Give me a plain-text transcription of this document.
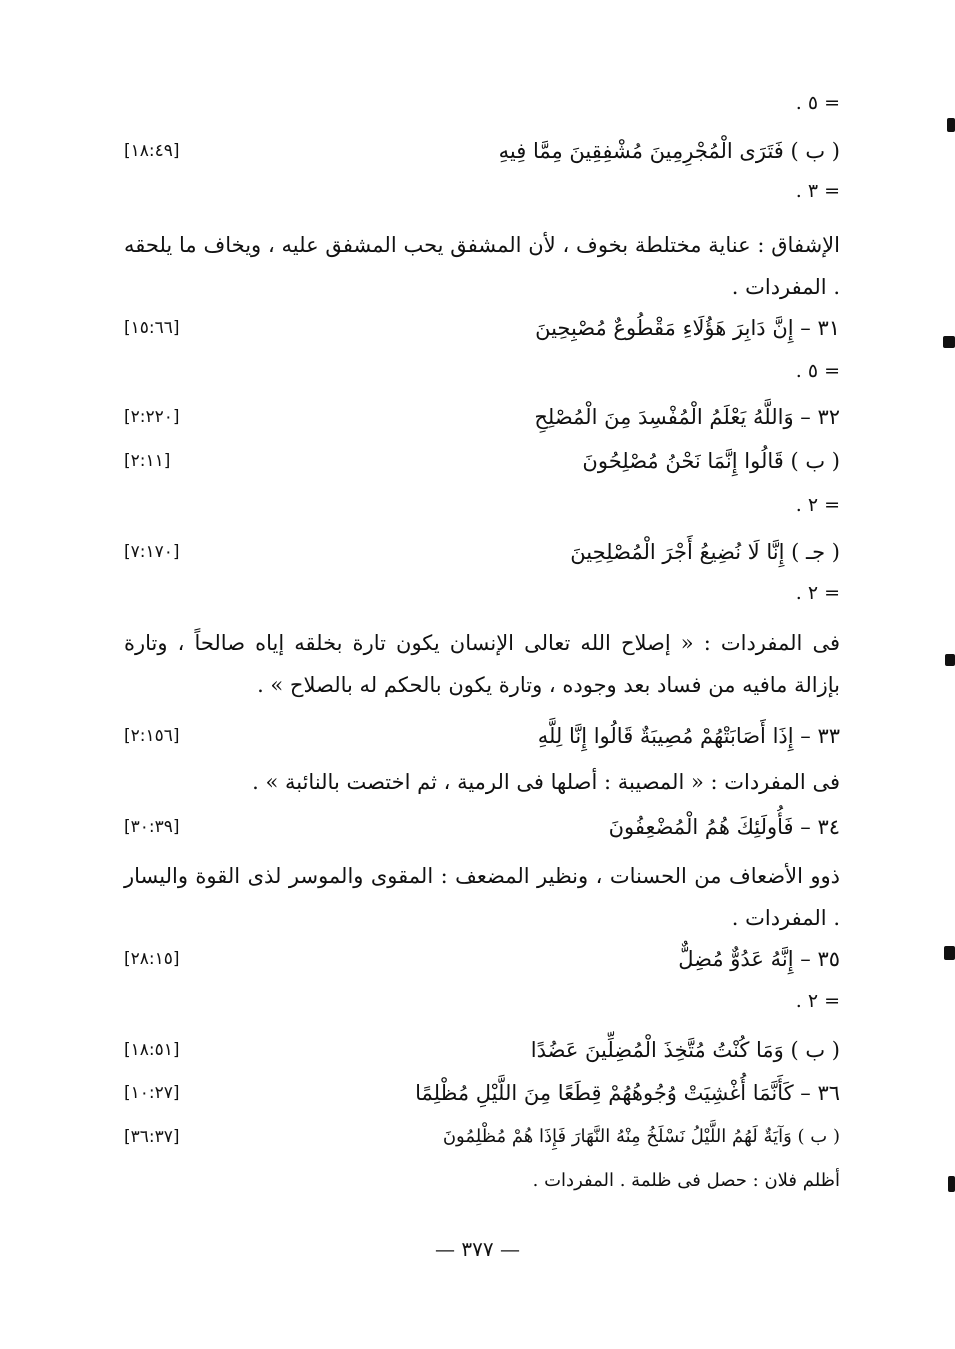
= ٥ .
( ب ) فَتَرَى الْمُجْرِمِينَ مُشْفِقِينَ مِمَّا فِيهِ
[١٨:٤٩]
= ٣ .
الإشفاق : عناية مختلطة بخوف ، لأن المشفق يحب المشفق عليه ، ويخاف ما يلحقه . المفردات .
٣١ – إِنَّ دَابِرَ هَؤُلَاءِ مَقْطُوعٌ مُصْبِحِينَ
[١٥:٦٦]
= ٥ .
٣٢ – وَاللَّهُ يَعْلَمُ الْمُفْسِدَ مِنَ الْمُصْلِحِ
[٢:٢٢٠]
( ب ) قَالُوا إِنَّمَا نَحْنُ مُصْلِحُونَ
[٢:١١]
= ٢ .
( جـ ) إِنَّا لَا نُضِيعُ أَجْرَ الْمُصْلِحِينَ
[٧:١٧٠]
= ٢ .
فى المفردات : « إصلاح الله تعالى الإنسان يكون تارة بخلقه إياه صالحاً ، وتارة بإزالة مافيه من فساد بعد وجوده ، وتارة يكون بالحكم له بالصلاح » .
٣٣ – إِذَا أَصَابَتْهُمْ مُصِيبَةٌ قَالُوا إِنَّا لِلَّهِ
[٢:١٥٦]
فى المفردات : « المصيبة : أصلها فى الرمية ، ثم اختصت بالنائبة » .
٣٤ – فَأُولَئِكَ هُمُ الْمُضْعِفُونَ
[٣٠:٣٩]
ذوو الأضعاف من الحسنات ، ونظير المضعف : المقوى والموسر لذى القوة واليسار . المفردات .
٣٥ – إِنَّهُ عَدُوٌّ مُضِلٌّ
[٢٨:١٥]
= ٢ .
( ب ) وَمَا كُنْتُ مُتَّخِذَ الْمُضِلِّينَ عَضُدًا
[١٨:٥١]
٣٦ – كَأَنَّمَا أُغْشِيَتْ وُجُوهُهُمْ قِطَعًا مِنَ اللَّيْلِ مُظْلِمًا
[١٠:٢٧]
( ب ) وَآيَةٌ لَهُمُ اللَّيْلُ نَسْلَخُ مِنْهُ النَّهَارَ فَإِذَا هُمْ مُظْلِمُونَ
[٣٦:٣٧]
أظلم فلان : حصل فى ظلمة . المفردات .
— ٣٧٧ —
